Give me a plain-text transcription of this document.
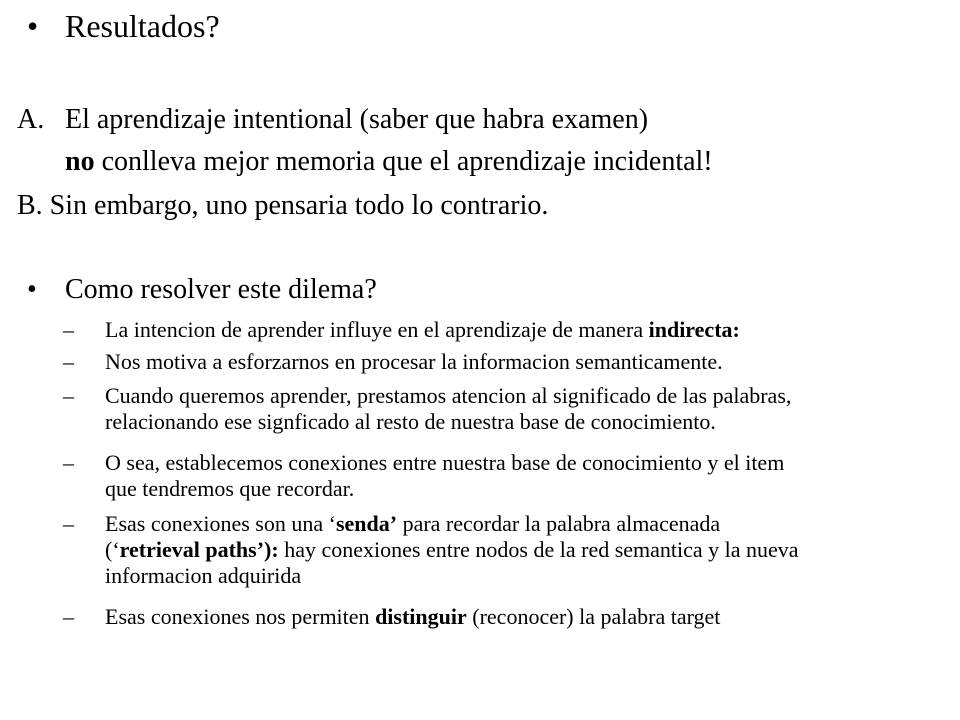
• Resultados?
A. El aprendizaje intentional (saber que habra examen)
no conlleva mejor memoria que el aprendizaje incidental!
B. Sin embargo, uno pensaria todo lo contrario.
• Como resolver este dilema?
– La intencion de aprender influye en el aprendizaje de manera indirecta:
– Nos motiva a esforzarnos en procesar la informacion semanticamente.
– Cuando queremos aprender, prestamos atencion al significado de las palabras,
relacionando ese signficado al resto de nuestra base de conocimiento.
– O sea, establecemos conexiones entre nuestra base de conocimiento y el item
que tendremos que recordar.
– Esas conexiones son una ‘senda’ para recordar la palabra almacenada
(‘retrieval paths’): hay conexiones entre nodos de la red semantica y la nueva
informacion adquirida
– Esas conexiones nos permiten distinguir (reconocer) la palabra target
